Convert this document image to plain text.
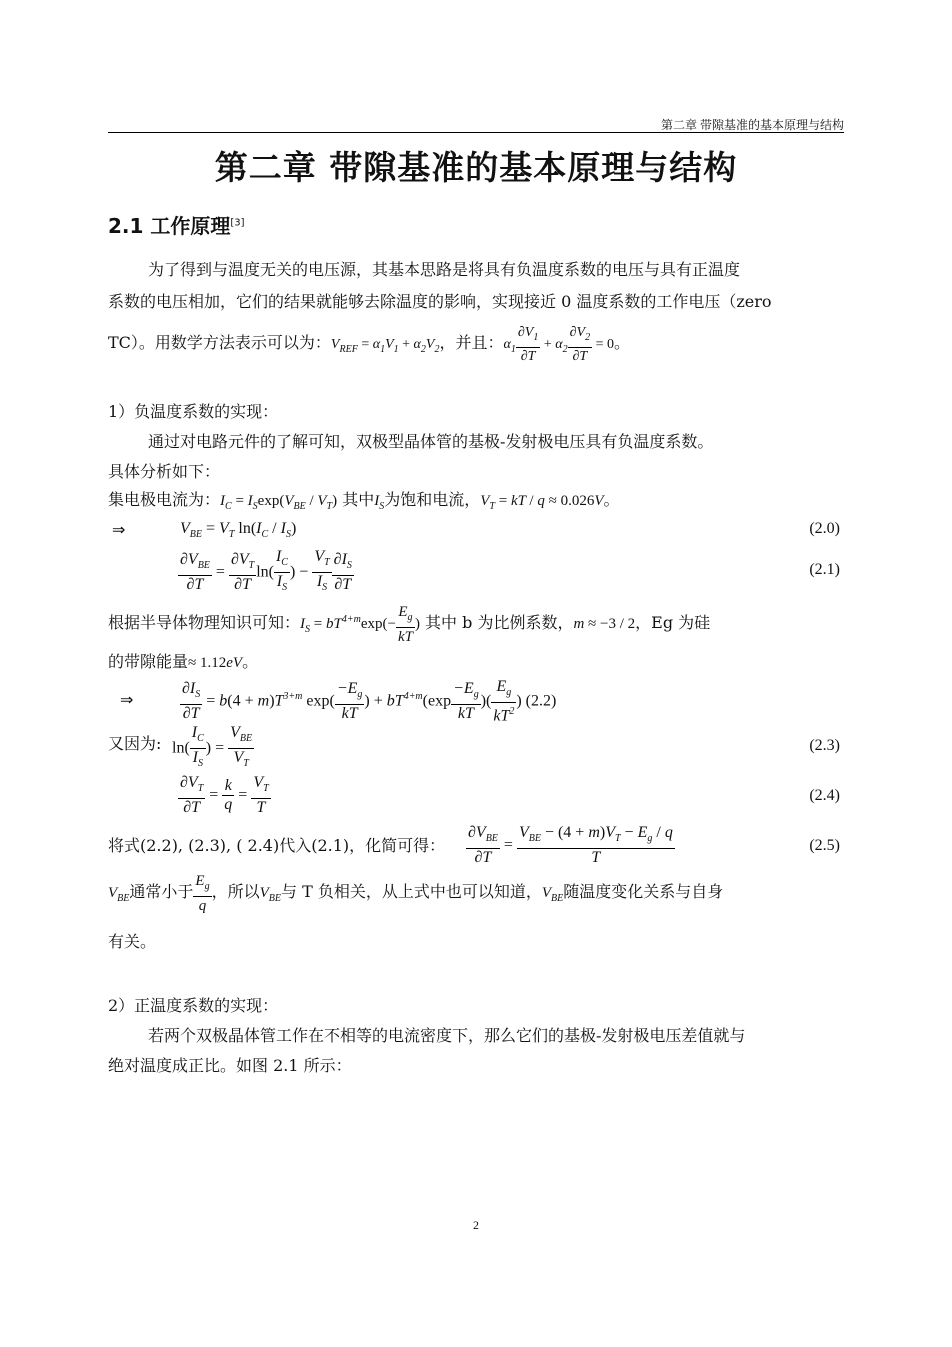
第二章 带隙基准的基本原理与结构
第二章 带隙基准的基本原理与结构
2.1 工作原理[3]
为了得到与温度无关的电压源，其基本思路是将具有负温度系数的电压与具有正温度
系数的电压相加，它们的结果就能够去除温度的影响，实现接近 0 温度系数的工作电压（zero
TC）。用数学方法表示可以为：$V_{REF} = \alpha_1V_1 + \alpha_2V_2$，并且：$\alpha_1 \frac{\partial V_1}{\partial T} + \alpha_2 \frac{\partial V_2}{\partial T} = 0$。
1）负温度系数的实现：
通过对电路元件的了解可知，双极型晶体管的基极-发射极电压具有负温度系数。
具体分析如下：
集电极电流为：$I_C = I_S\exp(V_{BE} / V_T)$ 其中$I_S$为饱和电流，$V_T$ = kT / q ≈ 0.026V。
⇒	$V_{BE} = V_T$ $\ln(I_C / I_S)$	(2.0)
$\frac{\partial V_{BE}}{\partial T} = \frac{\partial V_T}{\partial T} \ln( \frac{I_C}{I_S}$ ) − $\frac{V_T}{I_S} \frac{\partial I_S}{\partial T}$	(2.1)
根据半导体物理知识可知：$I_S = bT^{4+m}\exp(- \frac{E_g}{kT}$ ) 其中 b 为比例系数，m ≈ −3 / 2，Eg 为硅
的带隙能量≈ 1.12eV。
⇒	$\frac{\partial I_S}{\partial T} = b(4 + m)T^{3+m}$ $\exp( \frac{-E_g}{kT}$ ) + $bT^{4+m}(\exp \frac{-E_g}{kT}$ )( $\frac{E_g}{kT^2}$ ) (2.2)
又因为: $\ln( \frac{I_C}{I_S}$ ) = $\frac{V_{BE}}{V_T}$	(2.3)
$\frac{\partial V_T}{\partial T} = \frac{k}{q} = \frac{V_T}{T}$	(2.4)
将式(2.2), (2.3), ( 2.4)代入(2.1)，化简可得： $\frac{\partial V_{BE}}{\partial T} = \frac{V_{BE} - (4 + m)V_T - E_g / q}{T}$	(2.5)
$V_{BE}$通常小于 $\frac{E_g}{q}$ ，所以$V_{BE}$与 T 负相关，从上式中也可以知道，$V_{BE}$随温度变化关系与自身
有关。
2）正温度系数的实现：
若两个双极晶体管工作在不相等的电流密度下，那么它们的基极-发射极电压差值就与
绝对温度成正比。如图 2.1 所示：
2
